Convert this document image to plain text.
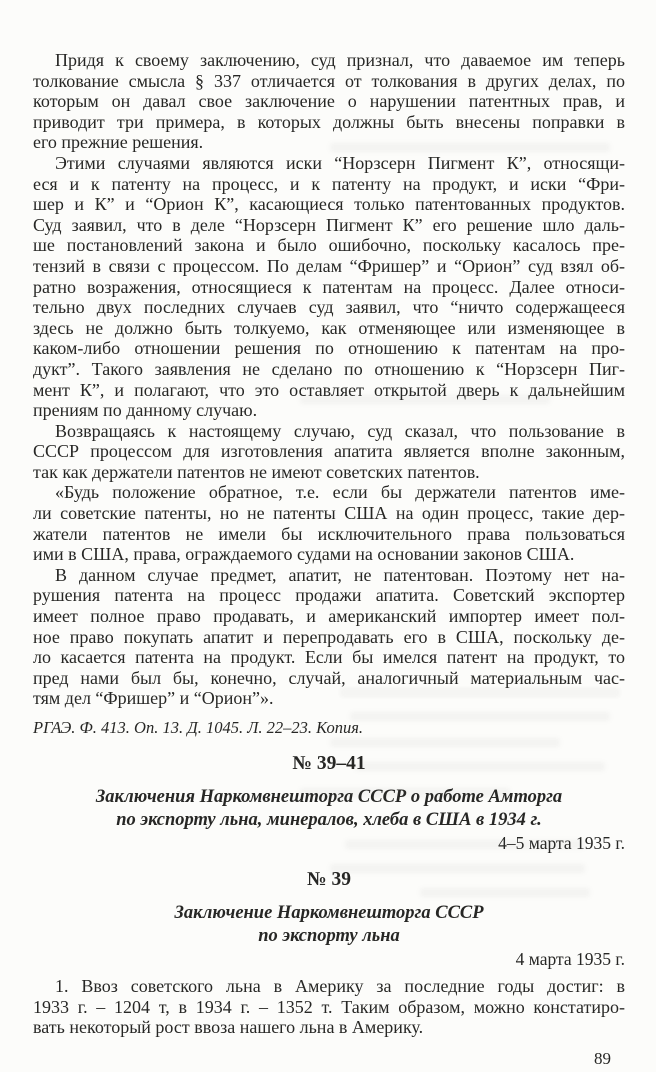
Придя к своему заключению, суд признал, что даваемое им теперь
толкование смысла § 337 отличается от толкования в других делах, по
которым он давал свое заключение о нарушении патентных прав, и
приводит три примера, в которых должны быть внесены поправки в
его прежние решения.
Этими случаями являются иски “Норзсерн Пигмент К”, относящи-
еся и к патенту на процесс, и к патенту на продукт, и иски “Фри-
шер и К” и “Орион К”, касающиеся только патентованных продуктов.
Суд заявил, что в деле “Норзсерн Пигмент К” его решение шло даль-
ше постановлений закона и было ошибочно, поскольку касалось пре-
тензий в связи с процессом. По делам “Фришер” и “Орион” суд взял об-
ратно возражения, относящиеся к патентам на процесс. Далее относи-
тельно двух последних случаев суд заявил, что “ничто содержащееся
здесь не должно быть толкуемо, как отменяющее или изменяющее в
каком-либо отношении решения по отношению к патентам на про-
дукт”. Такого заявления не сделано по отношению к “Норзсерн Пиг-
мент К”, и полагают, что это оставляет открытой дверь к дальнейшим
прениям по данному случаю.
Возвращаясь к настоящему случаю, суд сказал, что пользование в
СССР процессом для изготовления апатита является вполне законным,
так как держатели патентов не имеют советских патентов.
«Будь положение обратное, т.е. если бы держатели патентов име-
ли советские патенты, но не патенты США на один процесс, такие дер-
жатели патентов не имели бы исключительного права пользоваться
ими в США, права, ограждаемого судами на основании законов США.
В данном случае предмет, апатит, не патентован. Поэтому нет на-
рушения патента на процесс продажи апатита. Советский экспортер
имеет полное право продавать, и американский импортер имеет пол-
ное право покупать апатит и перепродавать его в США, поскольку де-
ло касается патента на продукт. Если бы имелся патент на продукт, то
пред нами был бы, конечно, случай, аналогичный материальным час-
тям дел “Фришер” и “Орион”».
РГАЭ. Ф. 413. Оп. 13. Д. 1045. Л. 22–23. Копия.
№ 39–41
Заключения Наркомвнешторга СССР о работе Амторга
по экспорту льна, минералов, хлеба в США в 1934 г.
4–5 марта 1935 г.
№ 39
Заключение Наркомвнешторга СССР
по экспорту льна
4 марта 1935 г.
1. Ввоз советского льна в Америку за последние годы достиг: в
1933 г. – 1204 т, в 1934 г. – 1352 т. Таким образом, можно констатиро-
вать некоторый рост ввоза нашего льна в Америку.
89
